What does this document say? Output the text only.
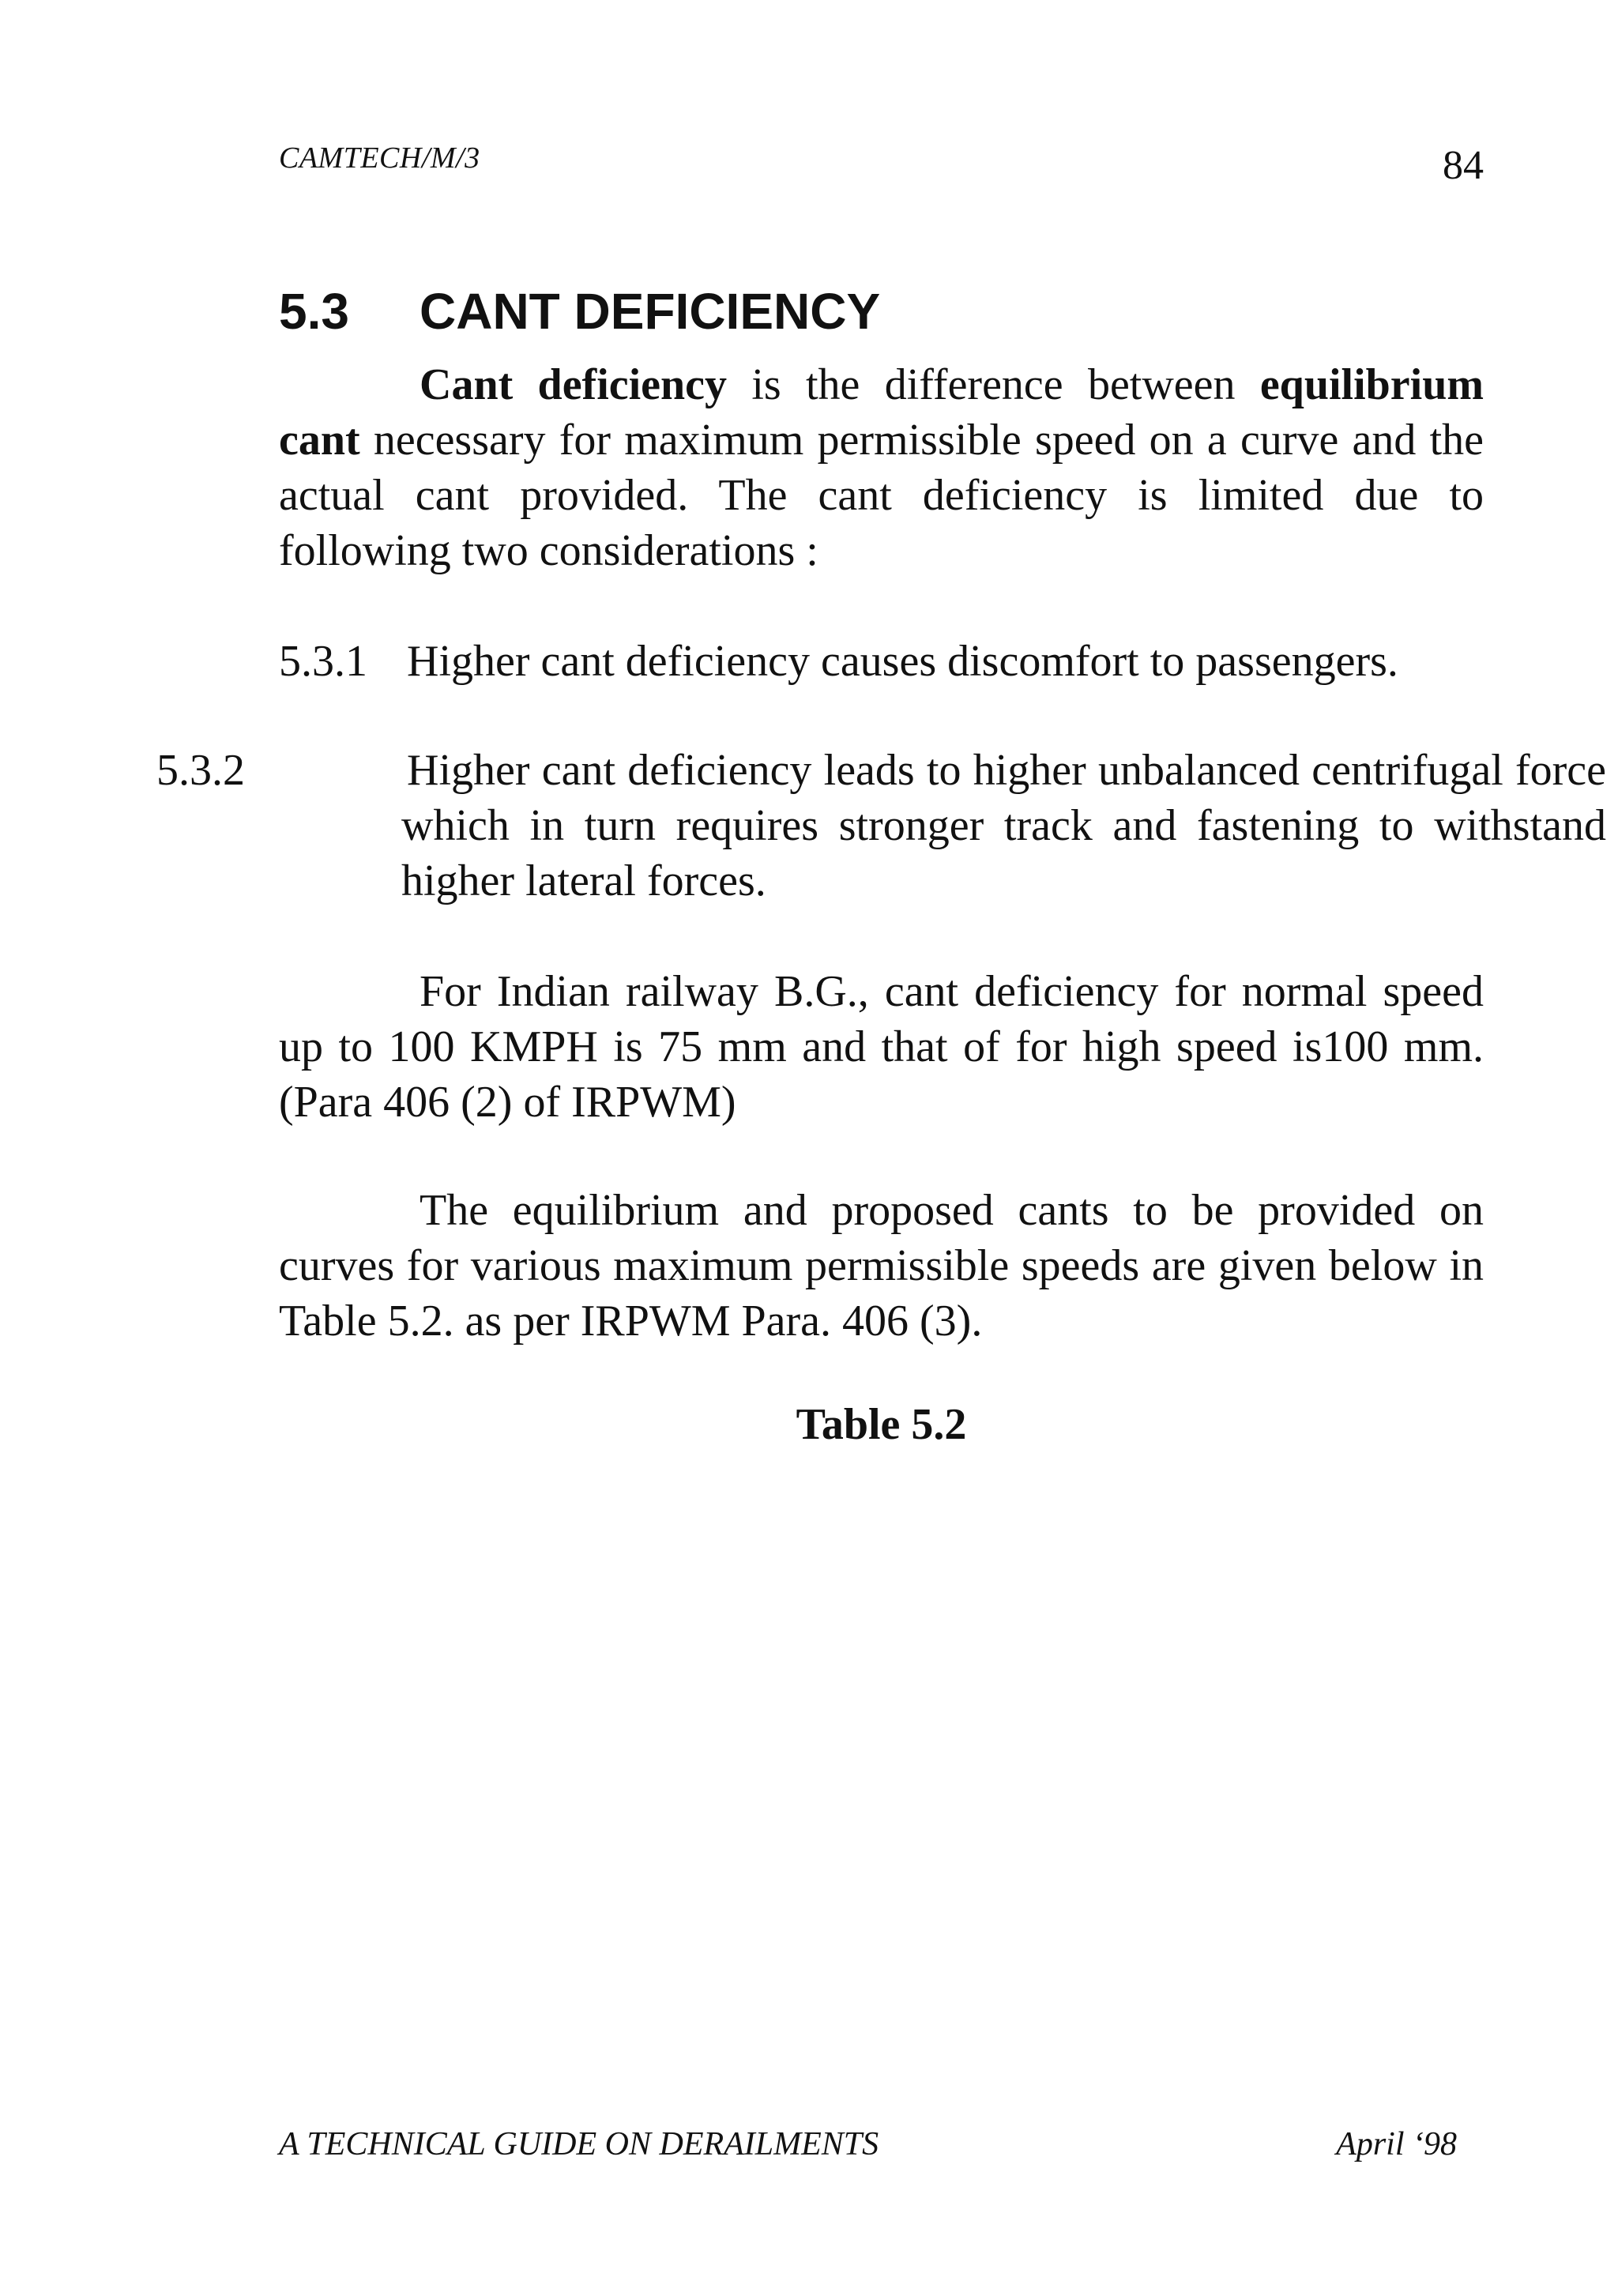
CAMTECH/M/3	84
5.3 CANT DEFICIENCY
Cant deficiency is the difference between equilibrium cant necessary for maximum permissible speed on a curve and the actual cant provided. The cant deficiency is limited due to following two considerations :
5.3.1 Higher cant deficiency causes discomfort to passengers.
5.3.2	Higher cant deficiency leads to higher unbalanced centrifugal force which in turn requires stronger track and fastening to withstand higher lateral forces.
For Indian railway B.G., cant deficiency for normal speed up to 100 KMPH is 75 mm and that of for high speed is100 mm. (Para 406 (2) of IRPWM)
The equilibrium and proposed cants to be provided on curves for various maximum permissible speeds are given below in Table 5.2. as per IRPWM Para. 406 (3).
Table 5.2
A TECHNICAL GUIDE ON DERAILMENTS	April ‘98
